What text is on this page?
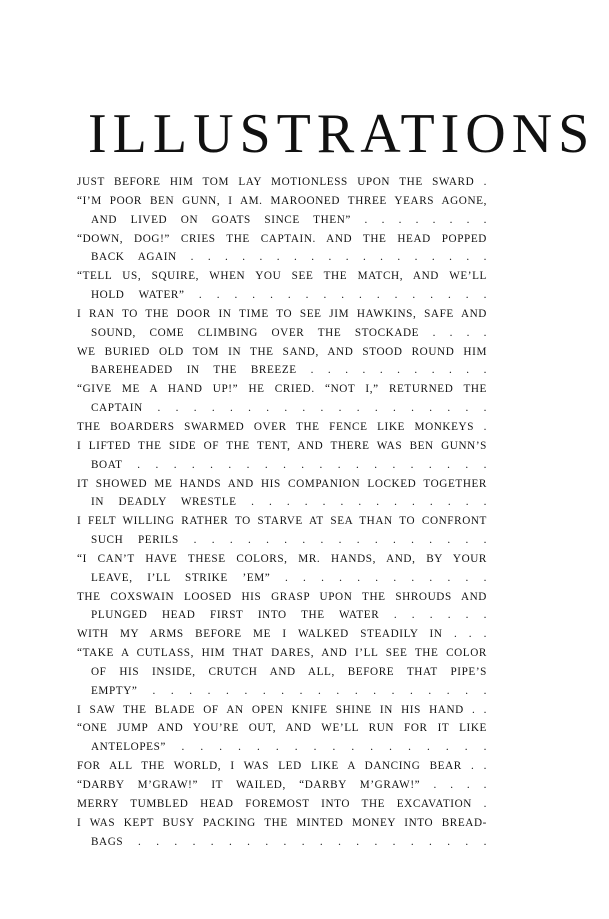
ILLUSTRATIONS
JUST BEFORE HIM TOM LAY MOTIONLESS UPON THE SWARD .
“I’M POOR BEN GUNN, I AM. MAROONED THREE YEARS AGONE,
AND LIVED ON GOATS SINCE THEN” . . . . . . . .
“DOWN, DOG!” CRIES THE CAPTAIN. AND THE HEAD POPPED
BACK AGAIN . . . . . . . . . . . . . . . . . .
“TELL US, SQUIRE, WHEN YOU SEE THE MATCH, AND WE’LL
HOLD WATER” . . . . . . . . . . . . . . . . .
I RAN TO THE DOOR IN TIME TO SEE JIM HAWKINS, SAFE AND
SOUND, COME CLIMBING OVER THE STOCKADE . . . .
WE BURIED OLD TOM IN THE SAND, AND STOOD ROUND HIM
BAREHEADED IN THE BREEZE . . . . . . . . . . .
“GIVE ME A HAND UP!” HE CRIED. “NOT I,” RETURNED THE
CAPTAIN . . . . . . . . . . . . . . . . . . .
THE BOARDERS SWARMED OVER THE FENCE LIKE MONKEYS .
I LIFTED THE SIDE OF THE TENT, AND THERE WAS BEN GUNN’S
BOAT . . . . . . . . . . . . . . . . . . . .
IT SHOWED ME HANDS AND HIS COMPANION LOCKED TOGETHER
IN DEADLY WRESTLE . . . . . . . . . . . . . .
I FELT WILLING RATHER TO STARVE AT SEA THAN TO CONFRONT
SUCH PERILS . . . . . . . . . . . . . . . . .
“I CAN’T HAVE THESE COLORS, MR. HANDS, AND, BY YOUR
LEAVE, I’LL STRIKE ’EM” . . . . . . . . . . . .
THE COXSWAIN LOOSED HIS GRASP UPON THE SHROUDS AND
PLUNGED HEAD FIRST INTO THE WATER . . . . . .
WITH MY ARMS BEFORE ME I WALKED STEADILY IN . . .
“TAKE A CUTLASS, HIM THAT DARES, AND I’LL SEE THE COLOR
OF HIS INSIDE, CRUTCH AND ALL, BEFORE THAT PIPE’S
EMPTY” . . . . . . . . . . . . . . . . . . .
I SAW THE BLADE OF AN OPEN KNIFE SHINE IN HIS HAND . .
“ONE JUMP AND YOU’RE OUT, AND WE’LL RUN FOR IT LIKE
ANTELOPES” . . . . . . . . . . . . . . . . .
FOR ALL THE WORLD, I WAS LED LIKE A DANCING BEAR . .
“DARBY M’GRAW!” IT WAILED, “DARBY M’GRAW!” . . . .
MERRY TUMBLED HEAD FOREMOST INTO THE EXCAVATION .
I WAS KEPT BUSY PACKING THE MINTED MONEY INTO BREAD-
BAGS . . . . . . . . . . . . . . . . . . . .
